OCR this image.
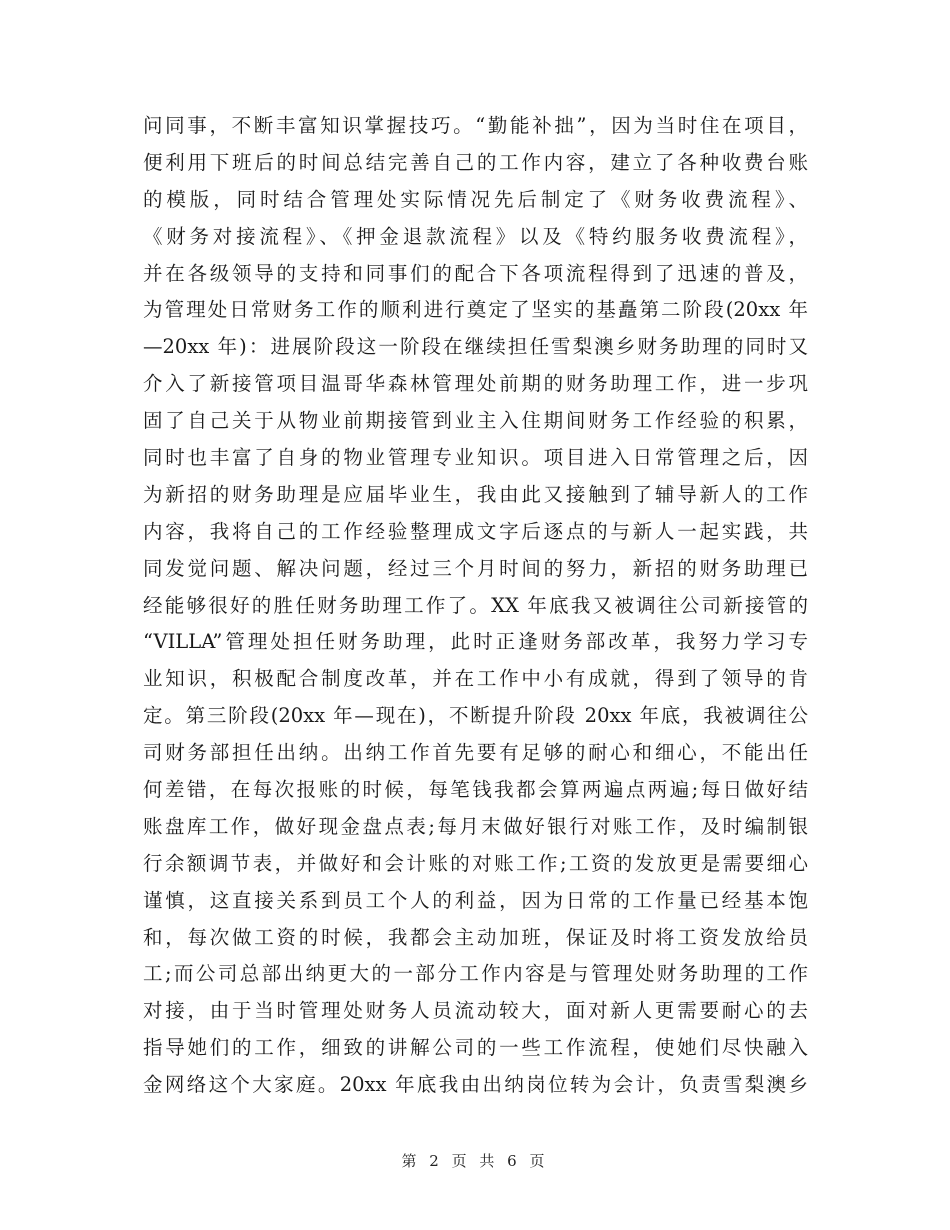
问同事，不断丰富知识掌握技巧。“勤能补拙”，因为当时住在项目，
便利用下班后的时间总结完善自己的工作内容，建立了各种收费台账
的模版，同时结合管理处实际情况先后制定了《财务收费流程》、
《财务对接流程》、《押金退款流程》以及《特约服务收费流程》，
并在各级领导的支持和同事们的配合下各项流程得到了迅速的普及，
为管理处日常财务工作的顺利进行奠定了坚实的基矗第二阶段(20xx 年
—20xx 年)：进展阶段这一阶段在继续担任雪梨澳乡财务助理的同时又
介入了新接管项目温哥华森林管理处前期的财务助理工作，进一步巩
固了自己关于从物业前期接管到业主入住期间财务工作经验的积累，
同时也丰富了自身的物业管理专业知识。项目进入日常管理之后，因
为新招的财务助理是应届毕业生，我由此又接触到了辅导新人的工作
内容，我将自己的工作经验整理成文字后逐点的与新人一起实践，共
同发觉问题、解决问题，经过三个月时间的努力，新招的财务助理已
经能够很好的胜任财务助理工作了。XX 年底我又被调往公司新接管的
“VILLA”管理处担任财务助理，此时正逢财务部改革，我努力学习专
业知识，积极配合制度改革，并在工作中小有成就，得到了领导的肯
定。第三阶段(20xx 年—现在)，不断提升阶段 20xx 年底，我被调往公
司财务部担任出纳。出纳工作首先要有足够的耐心和细心，不能出任
何差错，在每次报账的时候，每笔钱我都会算两遍点两遍;每日做好结
账盘库工作，做好现金盘点表;每月末做好银行对账工作，及时编制银
行余额调节表，并做好和会计账的对账工作;工资的发放更是需要细心
谨慎，这直接关系到员工个人的利益，因为日常的工作量已经基本饱
和，每次做工资的时候，我都会主动加班，保证及时将工资发放给员
工;而公司总部出纳更大的一部分工作内容是与管理处财务助理的工作
对接，由于当时管理处财务人员流动较大，面对新人更需要耐心的去
指导她们的工作，细致的讲解公司的一些工作流程，使她们尽快融入
金网络这个大家庭。20xx 年底我由出纳岗位转为会计，负责雪梨澳乡
第 2 页 共 6 页
